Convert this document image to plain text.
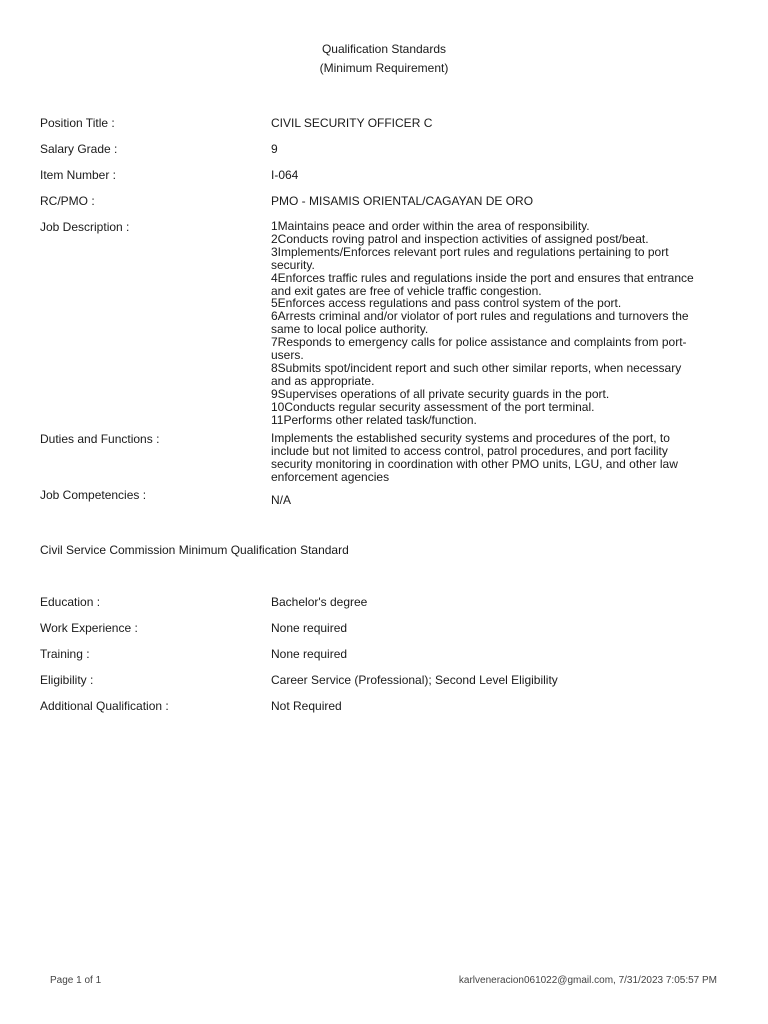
Qualification Standards
(Minimum Requirement)
Position Title :	CIVIL SECURITY OFFICER C
Salary Grade :	9
Item Number :	I-064
RC/PMO :	PMO - MISAMIS ORIENTAL/CAGAYAN DE ORO
Job Description :	1Maintains peace and order within the area of responsibility.
2Conducts roving patrol and inspection activities of assigned post/beat.
3Implements/Enforces relevant port rules and regulations pertaining to port
security.
4Enforces traffic rules and regulations inside the port and ensures that entrance
and exit gates are free of vehicle traffic congestion.
5Enforces access regulations and pass control system of the port.
6Arrests criminal and/or violator of port rules and regulations and turnovers the
same to local police authority.
7Responds to emergency calls for police assistance and complaints from port-
users.
8Submits spot/incident report and such other similar reports, when necessary
and as appropriate.
9Supervises operations of all private security guards in the port.
10Conducts regular security assessment of the port terminal.
11Performs other related task/function.
Duties and Functions :	Implements the established security systems and procedures of the port, to
include but not limited to access control, patrol procedures, and port facility
security monitoring in coordination with other PMO units, LGU, and other law
enforcement agencies
Job Competencies :	N/A
Civil Service Commission Minimum Qualification Standard
Education :	Bachelor's degree
Work Experience :	None required
Training :	None required
Eligibility :	Career Service (Professional); Second Level Eligibility
Additional Qualification :	Not Required
Page 1 of 1	karlveneracion061022@gmail.com, 7/31/2023 7:05:57 PM
